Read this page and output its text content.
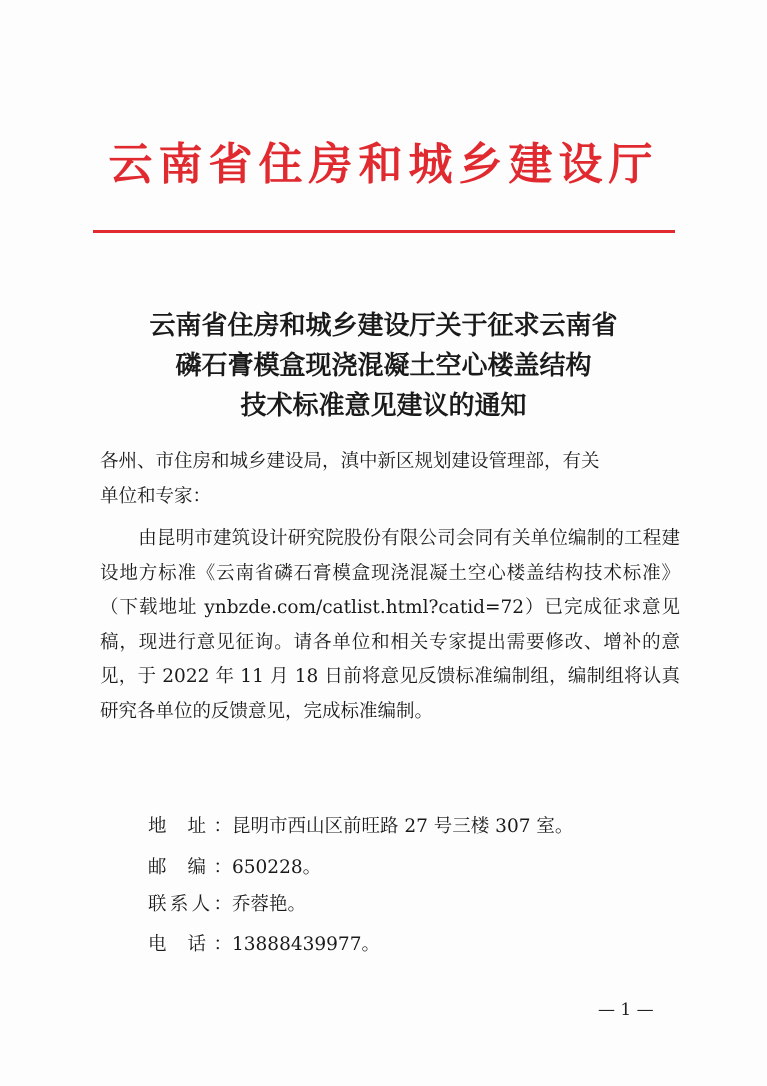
云南省住房和城乡建设厅
云南省住房和城乡建设厅关于征求云南省
磷石膏模盒现浇混凝土空心楼盖结构
技术标准意见建议的通知
各州、市住房和城乡建设局，滇中新区规划建设管理部，有关
单位和专家：
由昆明市建筑设计研究院股份有限公司会同有关单位编制的工程建设地方标准《云南省磷石膏模盒现浇混凝土空心楼盖结构技术标准》（下载地址 ynbzde.com/catlist.html?catid=72）已完成征求意见稿，现进行意见征询。请各单位和相关专家提出需要修改、增补的意见，于 2022 年 11 月 18 日前将意见反馈标准编制组，编制组将认真研究各单位的反馈意见，完成标准编制。
地 址：昆明市西山区前旺路 27 号三楼 307 室。
邮 编：650228。
联系人：乔蓉艳。
电 话：13888439977。
— 1 —
